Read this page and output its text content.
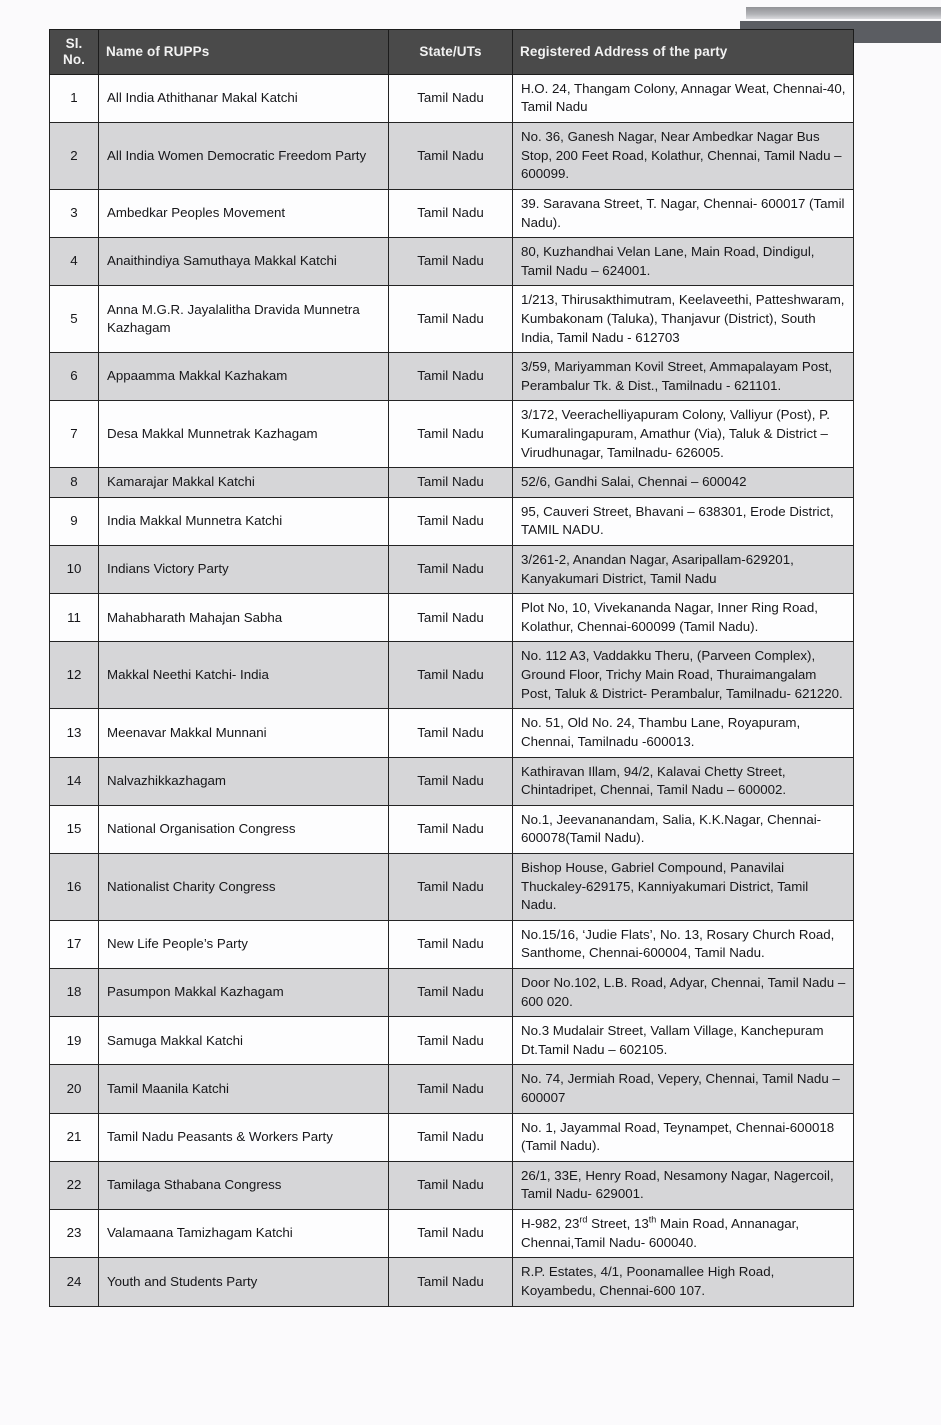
Sl.
No.	Name of RUPPs	State/UTs	Registered Address of the party
1	All India Athithanar Makal Katchi	Tamil Nadu	H.O. 24, Thangam Colony, Annagar Weat, Chennai-40, Tamil Nadu
2	All India Women Democratic Freedom Party	Tamil Nadu	No. 36, Ganesh Nagar, Near Ambedkar Nagar Bus Stop, 200 Feet Road, Kolathur, Chennai, Tamil Nadu – 600099.
3	Ambedkar Peoples Movement	Tamil Nadu	39. Saravana Street, T. Nagar, Chennai- 600017 (Tamil Nadu).
4	Anaithindiya Samuthaya Makkal Katchi	Tamil Nadu	80, Kuzhandhai Velan Lane, Main Road, Dindigul, Tamil Nadu – 624001.
5	Anna M.G.R. Jayalalitha Dravida Munnetra Kazhagam	Tamil Nadu	1/213, Thirusakthimutram, Keelaveethi, Patteshwaram, Kumbakonam (Taluka), Thanjavur (District), South India, Tamil Nadu - 612703
6	Appaamma Makkal Kazhakam	Tamil Nadu	3/59, Mariyamman Kovil Street, Ammapalayam Post, Perambalur Tk. & Dist., Tamilnadu - 621101.
7	Desa Makkal Munnetrak Kazhagam	Tamil Nadu	3/172, Veerachelliyapuram Colony, Valliyur (Post), P. Kumaralingapuram, Amathur (Via), Taluk & District – Virudhunagar, Tamilnadu- 626005.
8	Kamarajar Makkal Katchi	Tamil Nadu	52/6, Gandhi Salai, Chennai – 600042
9	India Makkal Munnetra Katchi	Tamil Nadu	95, Cauveri Street, Bhavani – 638301, Erode District, TAMIL NADU.
10	Indians Victory Party	Tamil Nadu	3/261-2, Anandan Nagar, Asaripallam-629201, Kanyakumari District, Tamil Nadu
11	Mahabharath Mahajan Sabha	Tamil Nadu	Plot No, 10, Vivekananda Nagar, Inner Ring Road, Kolathur, Chennai-600099 (Tamil Nadu).
12	Makkal Neethi Katchi- India	Tamil Nadu	No. 112 A3, Vaddakku Theru, (Parveen Complex), Ground Floor, Trichy Main Road, Thuraimangalam Post, Taluk & District- Perambalur, Tamilnadu- 621220.
13	Meenavar Makkal Munnani	Tamil Nadu	No. 51, Old No. 24, Thambu Lane, Royapuram, Chennai, Tamilnadu -600013.
14	Nalvazhikkazhagam	Tamil Nadu	Kathiravan Illam, 94/2, Kalavai Chetty Street, Chintadripet, Chennai, Tamil Nadu – 600002.
15	National Organisation Congress	Tamil Nadu	No.1, Jeevananandam, Salia, K.K.Nagar, Chennai-600078(Tamil Nadu).
16	Nationalist Charity Congress	Tamil Nadu	Bishop House, Gabriel Compound, Panavilai Thuckaley-629175, Kanniyakumari District, Tamil Nadu.
17	New Life People’s Party	Tamil Nadu	No.15/16, ‘Judie Flats’, No. 13, Rosary Church Road, Santhome, Chennai-600004, Tamil Nadu.
18	Pasumpon Makkal Kazhagam	Tamil Nadu	Door No.102, L.B. Road, Adyar, Chennai, Tamil Nadu – 600 020.
19	Samuga Makkal Katchi	Tamil Nadu	No.3 Mudalair Street, Vallam Village, Kanchepuram Dt.Tamil Nadu – 602105.
20	Tamil Maanila Katchi	Tamil Nadu	No. 74, Jermiah Road, Vepery, Chennai, Tamil Nadu – 600007
21	Tamil Nadu Peasants & Workers Party	Tamil Nadu	No. 1, Jayammal Road, Teynampet, Chennai-600018 (Tamil Nadu).
22	Tamilaga Sthabana Congress	Tamil Nadu	26/1, 33E, Henry Road, Nesamony Nagar, Nagercoil, Tamil Nadu- 629001.
23	Valamaana Tamizhagam Katchi	Tamil Nadu	H-982, 23rd Street, 13th Main Road, Annanagar, Chennai,Tamil Nadu- 600040.
24	Youth and Students Party	Tamil Nadu	R.P. Estates, 4/1, Poonamallee High Road, Koyambedu, Chennai-600 107.
